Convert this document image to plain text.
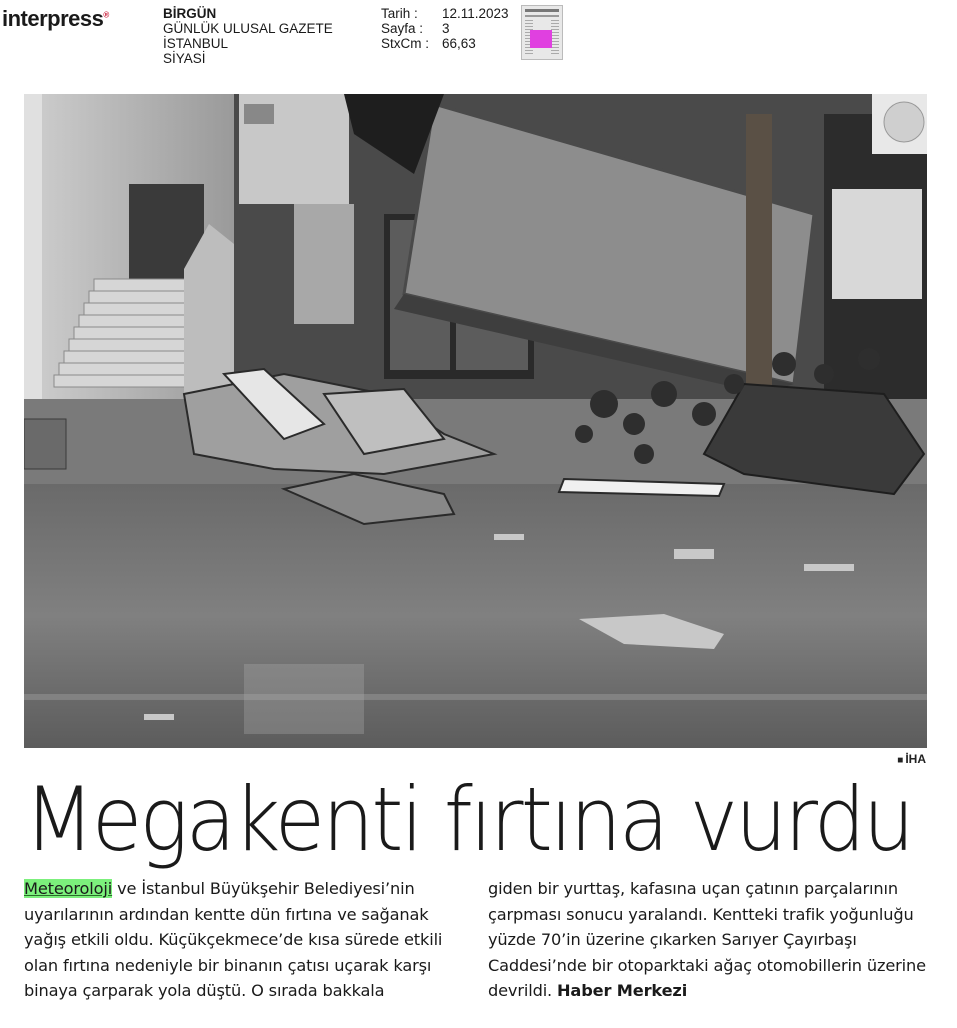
interpress®	BİRGÜN
GÜNLÜK ULUSAL GAZETE
İSTANBUL
SİYASİ
Tarih :
Sayfa :
StxCm :
12.11.2023
3
66,63
■ İHA
Megakenti fırtına vurdu
Meteoroloji ve İstanbul Büyükşehir Belediyesi’nin uyarılarının ardından kentte dün fırtına ve sağanak yağış etkili oldu. Küçükçekmece’de kısa sürede etkili olan fırtına nedeniyle bir binanın çatısı uçarak karşı binaya çarparak yola düştü. O sırada bakkala
giden bir yurttaş, kafasına uçan çatının parçalarının çarpması sonucu yaralandı. Kentteki trafik yoğunluğu yüzde 70’in üzerine çıkarken Sarıyer Çayırbaşı Caddesi’nde bir otoparktaki ağaç otomobillerin üzerine devrildi. Haber Merkezi
